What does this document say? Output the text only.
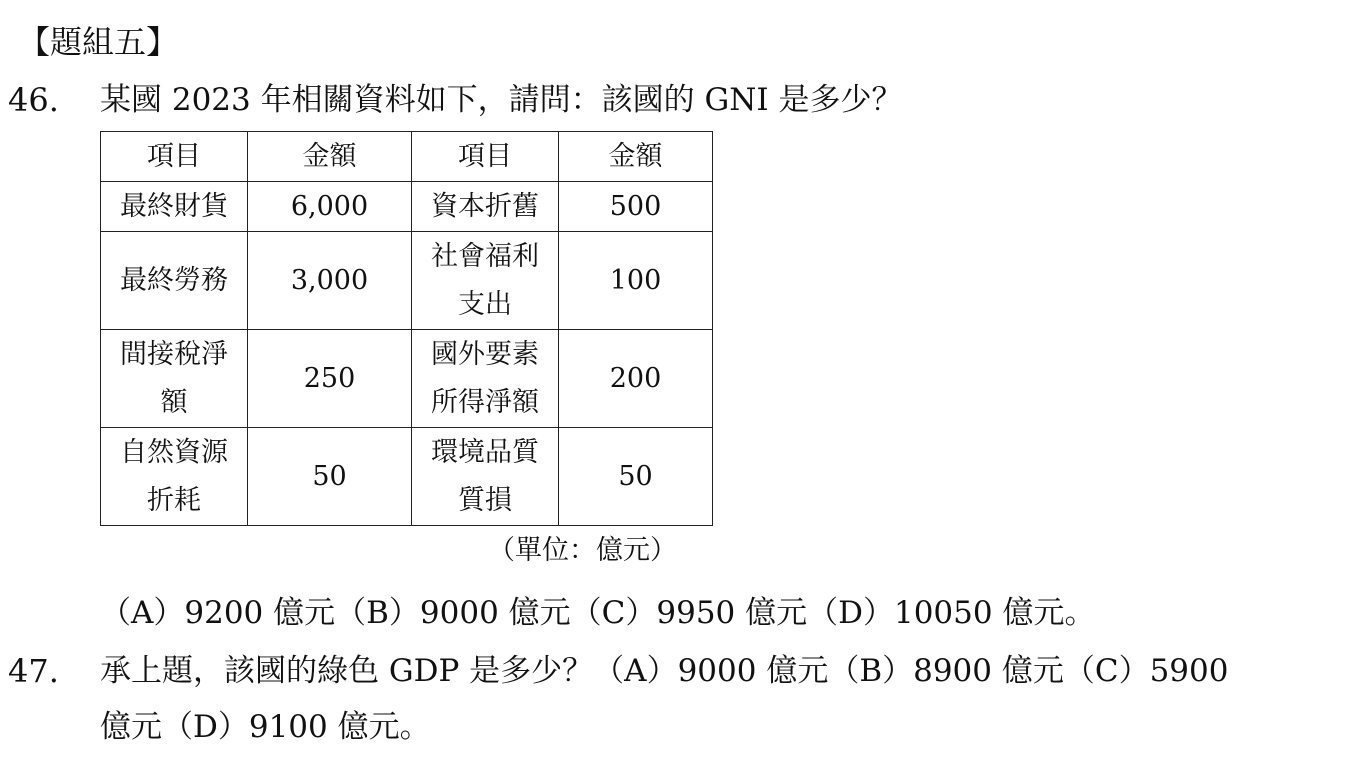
【題組五】
46. 某國 2023 年相關資料如下，請問：該國的 GNI 是多少？
項目	金額	項目	金額
最終財貨	6,000	資本折舊	500
最終勞務	3,000	社會福利支出	100
間接稅淨額	250	國外要素所得淨額	200
自然資源折耗	50	環境品質質損	50
（單位：億元）
（A）9200 億元（B）9000 億元（C）9950 億元（D）10050 億元。
47. 承上題，該國的綠色 GDP 是多少？（A）9000 億元（B）8900 億元（C）5900
億元（D）9100 億元。
